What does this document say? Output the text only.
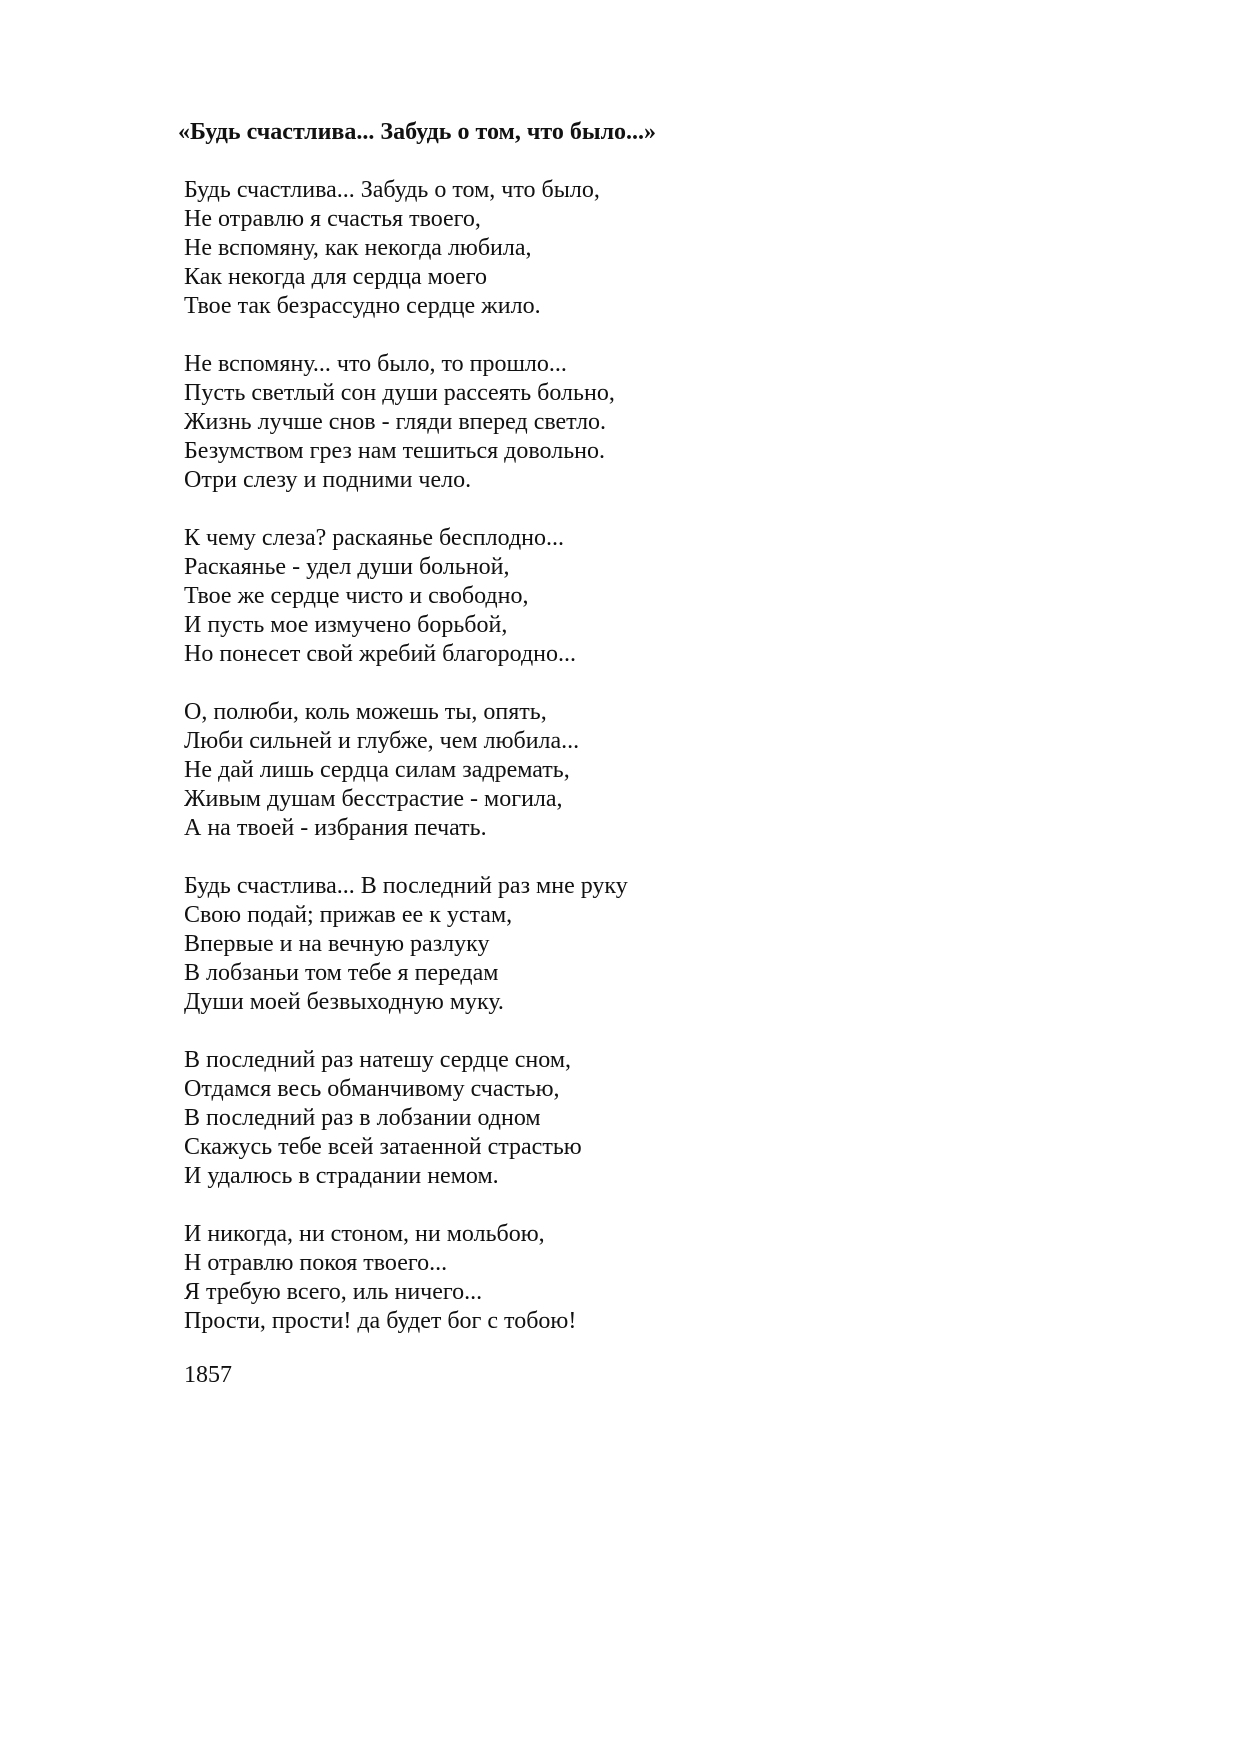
«Будь счастлива... Забудь о том, что было...»
Будь счастлива... Забудь о том, что было,
Не отравлю я счастья твоего,
Не вспомяну, как некогда любила,
Как некогда для сердца моего
Твое так безрассудно сердце жило.
Не вспомяну... что было, то прошло...
Пусть светлый сон души рассеять больно,
Жизнь лучше снов - гляди вперед светло.
Безумством грез нам тешиться довольно.
Отри слезу и подними чело.
К чему слеза? раскаянье бесплодно...
Раскаянье - удел души больной,
Твое же сердце чисто и свободно,
И пусть мое измучено борьбой,
Но понесет свой жребий благородно...
О, полюби, коль можешь ты, опять,
Люби сильней и глубже, чем любила...
Не дай лишь сердца силам задремать,
Живым душам бесстрастие - могила,
А на твоей - избрания печать.
Будь счастлива... В последний раз мне руку
Свою подай; прижав ее к устам,
Впервые и на вечную разлуку
В лобзаньи том тебе я передам
Души моей безвыходную муку.
В последний раз натешу сердце сном,
Отдамся весь обманчивому счастью,
В последний раз в лобзании одном
Скажусь тебе всей затаенной страстью
И удалюсь в страдании немом.
И никогда, ни стоном, ни мольбою,
Н отравлю покоя твоего...
Я требую всего, иль ничего...
Прости, прости! да будет бог с тобою!
1857
